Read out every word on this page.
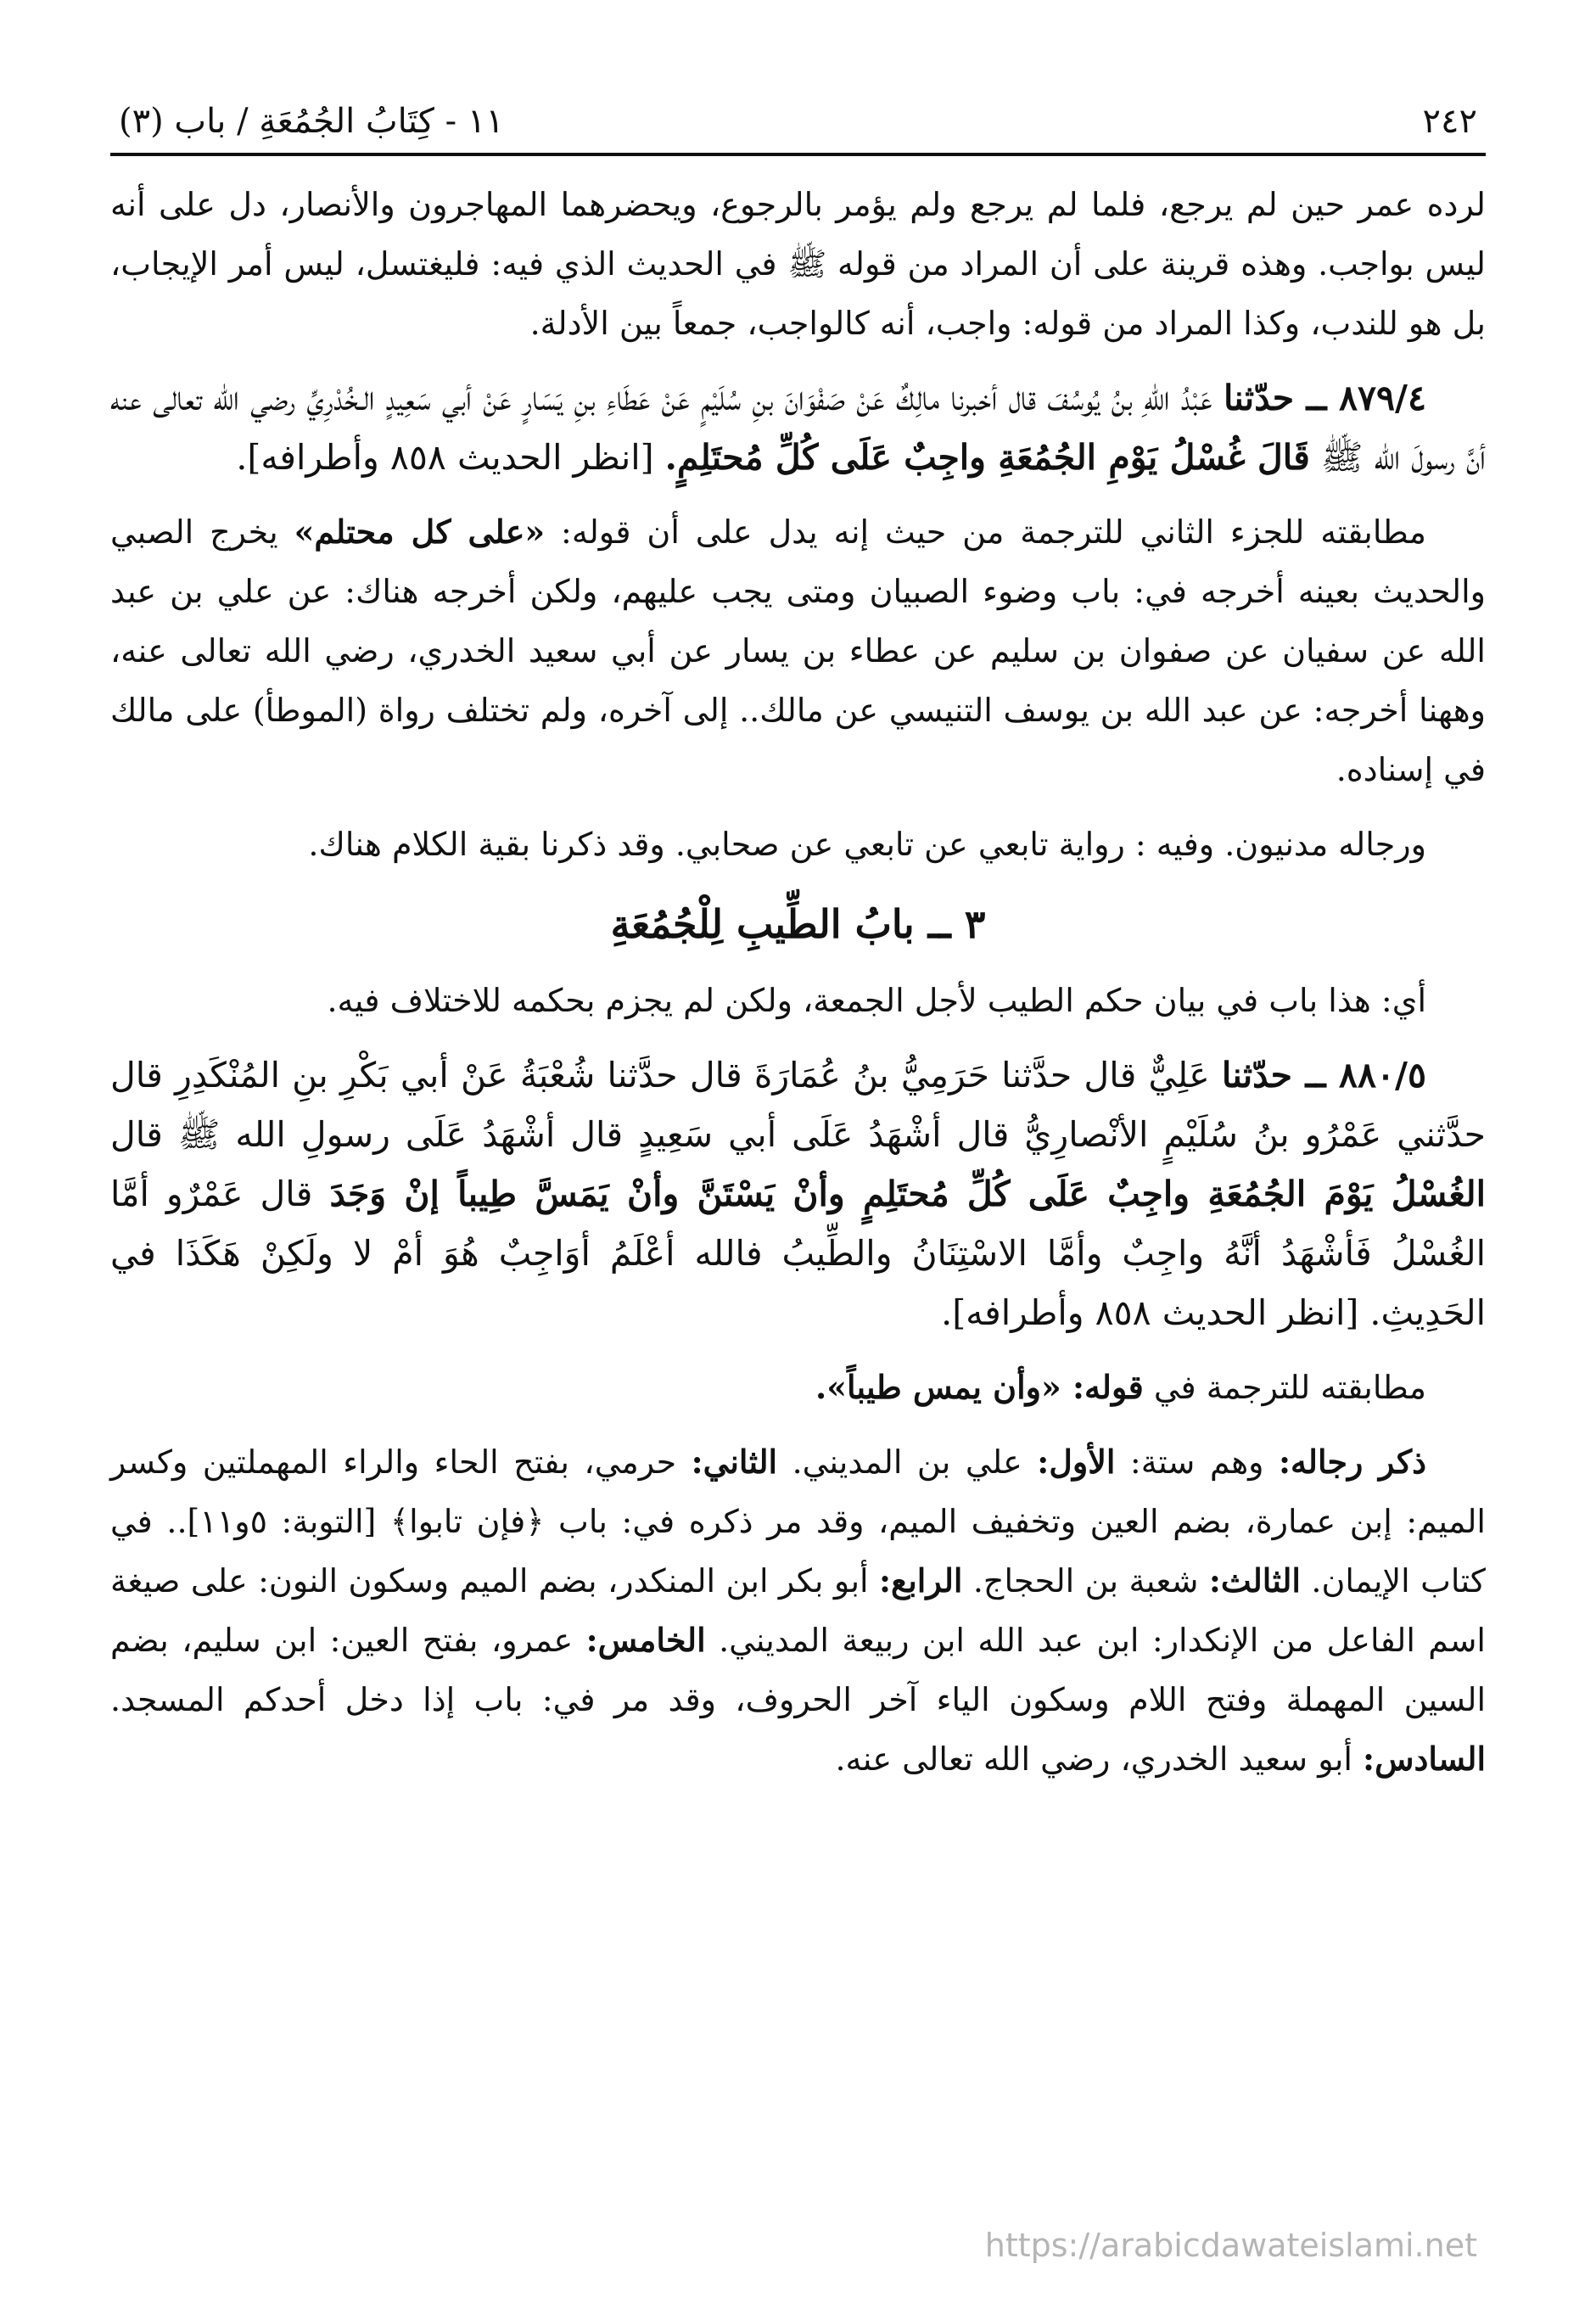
٢٤٢
١١ - كِتَابُ الجُمُعَةِ / باب (٣)

لرده عمر حين لم يرجع، فلما لم يرجع ولم يؤمر بالرجوع، ويحضرهما المهاجرون والأنصار، دل على أنه ليس بواجب. وهذه قرينة على أن المراد من قوله ﷺ في الحديث الذي فيه: فليغتسل، ليس أمر الإيجاب، بل هو للندب، وكذا المراد من قوله: واجب، أنه كالواجب، جمعاً بين الأدلة.

٨٧٩/٤ ــ حدّثنا عَبْدُ اللهِ بنُ يُوسُفَ قال أخبرنا مالِكٌ عَنْ صَفْوَانَ بنِ سُلَيْمٍ عَنْ عَطَاءِ بنِ يَسَارٍ عَنْ أبي سَعِيدٍ الـخُدْرِيِّ رضي الله تعالى عنه أنَّ رسولَ الله ﷺ قَالَ غُسْلُ يَوْمِ الجُمُعَةِ واجِبٌ عَلَى كُلِّ مُحتَلِمٍ. [انظر الحديث ٨٥٨ وأطرافه].

مطابقته للجزء الثاني للترجمة من حيث إنه يدل على أن قوله: «على كل محتلم» يخرج الصبي والحديث بعينه أخرجه في: باب وضوء الصبيان ومتى يجب عليهم، ولكن أخرجه هناك: عن علي بن عبد الله عن سفيان عن صفوان بن سليم عن عطاء بن يسار عن أبي سعيد الخدري، رضي الله تعالى عنه، وههنا أخرجه: عن عبد الله بن يوسف التنيسي عن مالك.. إلى آخره، ولم تختلف رواة (الموطأ) على مالك في إسناده.

ورجاله مدنيون. وفيه : رواية تابعي عن تابعي عن صحابي. وقد ذكرنا بقية الكلام هناك.

٣ ــ بابُ الطِّيبِ لِلْجُمُعَةِ

أي: هذا باب في بيان حكم الطيب لأجل الجمعة، ولكن لم يجزم بحكمه للاختلاف فيه.

٨٨٠/٥ ــ حدّثنا عَلِيٌّ قال حدَّثنا حَرَمِيُّ بنُ عُمَارَةَ قال حدَّثنا شُعْبَةُ عَنْ أبي بَكْرِ بنِ المُنْكَدِرِ قال حدَّثني عَمْرُو بنُ سُلَيْمٍ الأنْصارِيُّ قال أشْهَدُ عَلَى أبي سَعِيدٍ قال أشْهَدُ عَلَى رسولِ الله ﷺ قال الغُسْلُ يَوْمَ الجُمُعَةِ واجِبٌ عَلَى كُلِّ مُحتَلِمٍ وأنْ يَسْتَنَّ وأنْ يَمَسَّ طِيباً إنْ وَجَدَ قال عَمْرٌو أمَّا الغُسْلُ فَأشْهَدُ أنَّهُ واجِبٌ وأمَّا الاسْتِنَانُ والطِّيبُ فالله أعْلَمُ أوَاجِبٌ هُوَ أمْ لا ولَكِنْ هَكَذَا في الحَدِيثِ. [انظر الحديث ٨٥٨ وأطرافه].

مطابقته للترجمة في قوله: «وأن يمس طيباً».

ذكر رجاله: وهم ستة: الأول: علي بن المديني. الثاني: حرمي، بفتح الحاء والراء المهملتين وكسر الميم: إبن عمارة، بضم العين وتخفيف الميم، وقد مر ذكره في: باب ﴿فإن تابوا﴾ [التوبة: ٥و١١].. في كتاب الإيمان. الثالث: شعبة بن الحجاج. الرابع: أبو بكر ابن المنكدر، بضم الميم وسكون النون: على صيغة اسم الفاعل من الإنكدار: ابن عبد الله ابن ربيعة المديني. الخامس: عمرو، بفتح العين: ابن سليم، بضم السين المهملة وفتح اللام وسكون الياء آخر الحروف، وقد مر في: باب إذا دخل أحدكم المسجد. السادس: أبو سعيد الخدري، رضي الله تعالى عنه.

https://arabicdawateislami.net
